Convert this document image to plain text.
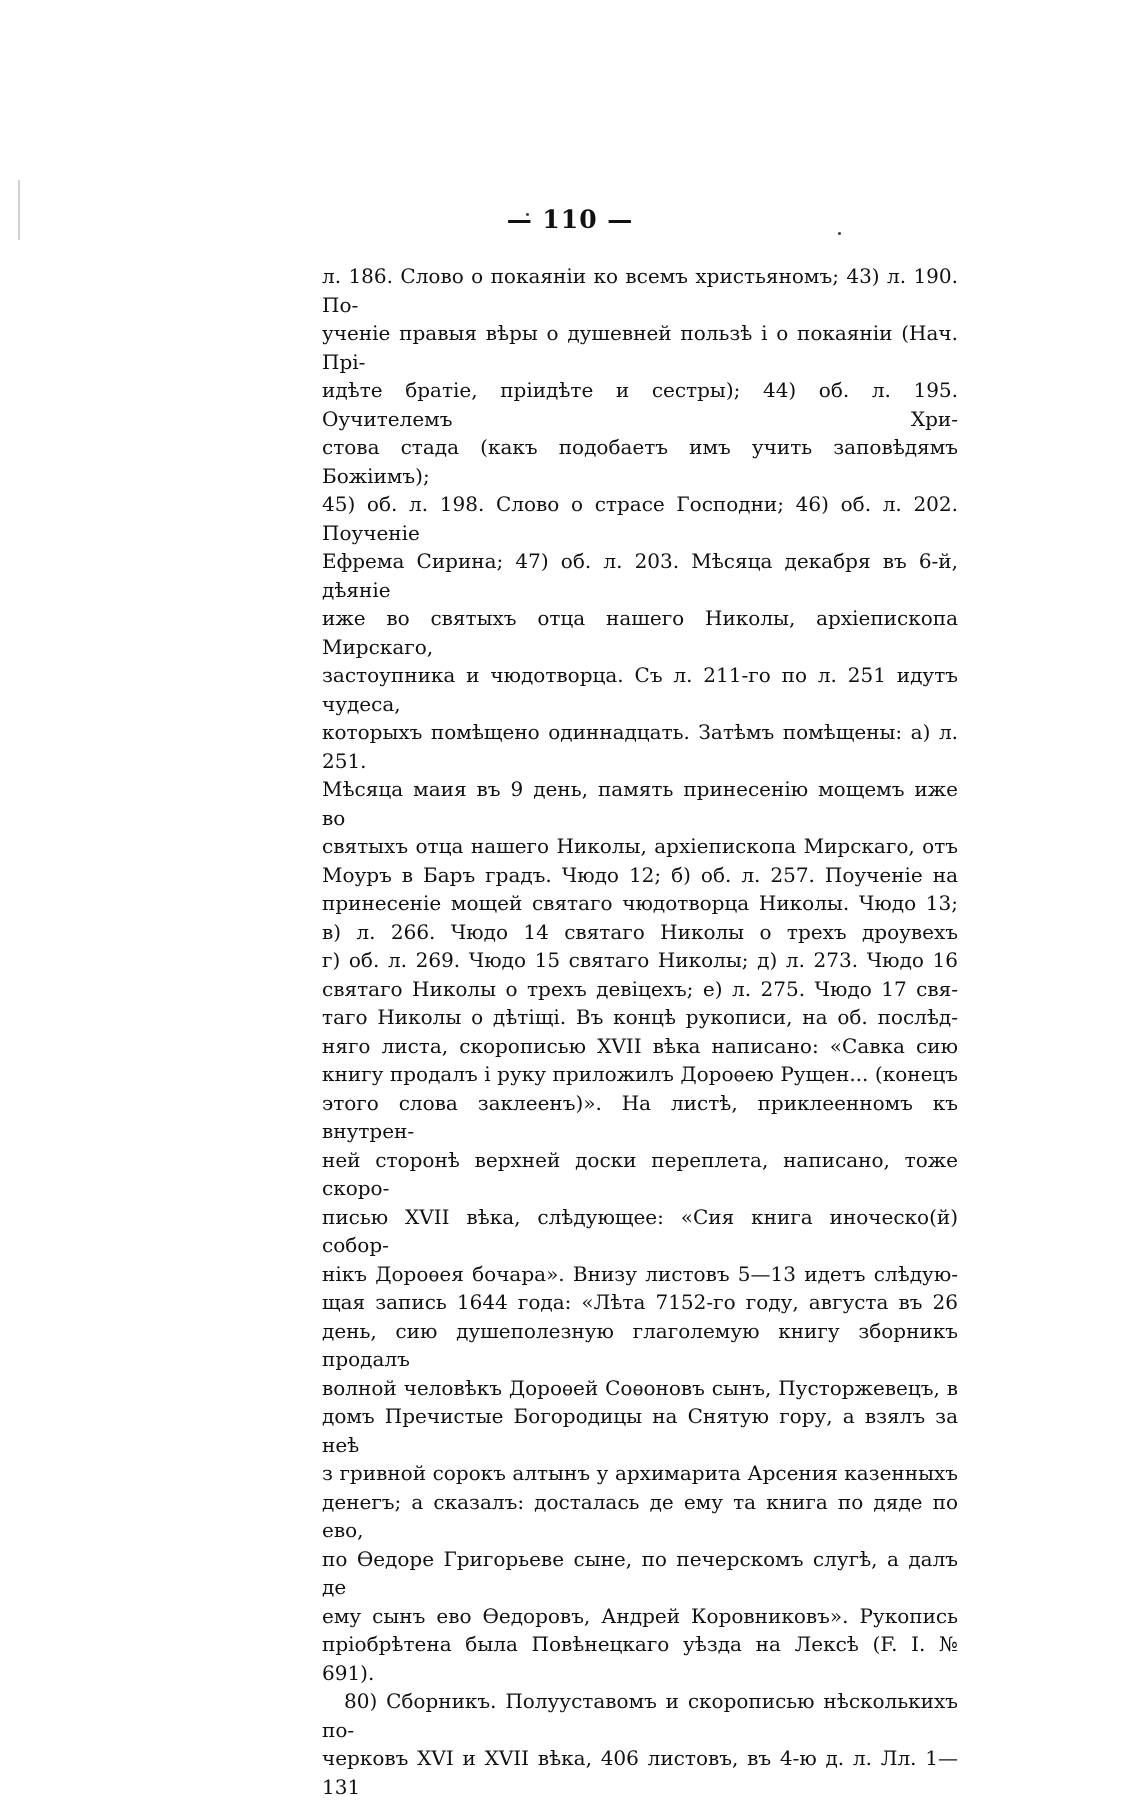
— 110 —

л. 186. Слово о покаяніи ко всемъ христьяномъ; 43) л. 190. По-

ученіе правыя вѣры о душевней пользѣ і о покаяніи (Нач. Прі-

идѣте братіе, пріидѣте и сестры); 44) об. л. 195. Оучителемъ Хри-

стова стада (какъ подобаетъ имъ учить заповѣдямъ Божіимъ);

45) об. л. 198. Слово о страсе Господни; 46) об. л. 202. Поученіе

Ефрема Сирина; 47) об. л. 203. Мѣсяца декабря въ 6-й, дѣяніе

иже во святыхъ отца нашего Николы, архіепископа Мирскаго,

застоупника и чюдотворца. Съ л. 211-го по л. 251 идутъ чудеса,

которыхъ помѣщено одиннадцать. Затѣмъ помѣщены: а) л. 251.

Мѣсяца маия въ 9 день, память принесенію мощемъ иже во

святыхъ отца нашего Николы, архіепископа Мирскаго, отъ

Моуръ в Баръ градъ. Чюдо 12; б) об. л. 257. Поученіе на

принесеніе мощей святаго чюдотворца Николы. Чюдо 13;

в) л. 266. Чюдо 14 святаго Николы о трехъ дроувехъ

г) об. л. 269. Чюдо 15 святаго Николы; д) л. 273. Чюдо 16

святаго Николы о трехъ девіцехъ; е) л. 275. Чюдо 17 свя-

таго Николы о дѣтіщі. Въ концѣ рукописи, на об. послѣд-

няго листа, скорописью XVII вѣка написано: «Савка сию

книгу продалъ і руку приложилъ Дороѳею Рущен... (конецъ

этого слова заклеенъ)». На листѣ, приклеенномъ къ внутрен-

ней сторонѣ верхней доски переплета, написано, тоже скоро-

писью XVII вѣка, слѣдующее: «Сия книга иноческо(й) собор-

нікъ Дороѳея бочара». Внизу листовъ 5—13 идетъ слѣдую-

щая запись 1644 года: «Лѣта 7152-го году, августа въ 26

день, сию душеполезную глаголемую книгу зборникъ продалъ

волной человѣкъ Дороѳей Соѳоновъ сынъ, Пусторжевецъ, в

домъ Пречистые Богородицы на Снятую гору, а взялъ за неѣ

з гривной сорокъ алтынъ у архимарита Арсения казенныхъ

денегъ; а сказалъ: досталась де ему та книга по дяде по ево,

по Ѳедоре Григорьеве сыне, по печерскомъ слугѣ, а далъ де

ему сынъ ево Ѳедоровъ, Андрей Коровниковъ». Рукопись

пріобрѣтена была Повѣнецкаго уѣзда на Лексѣ (F. I. № 691).

80) Сборникъ. Полууставомъ и скорописью нѣсколькихъ по-

черковъ XVI и XVII вѣка, 406 листовъ, въ 4-ю д. л. Лл. 1—131
